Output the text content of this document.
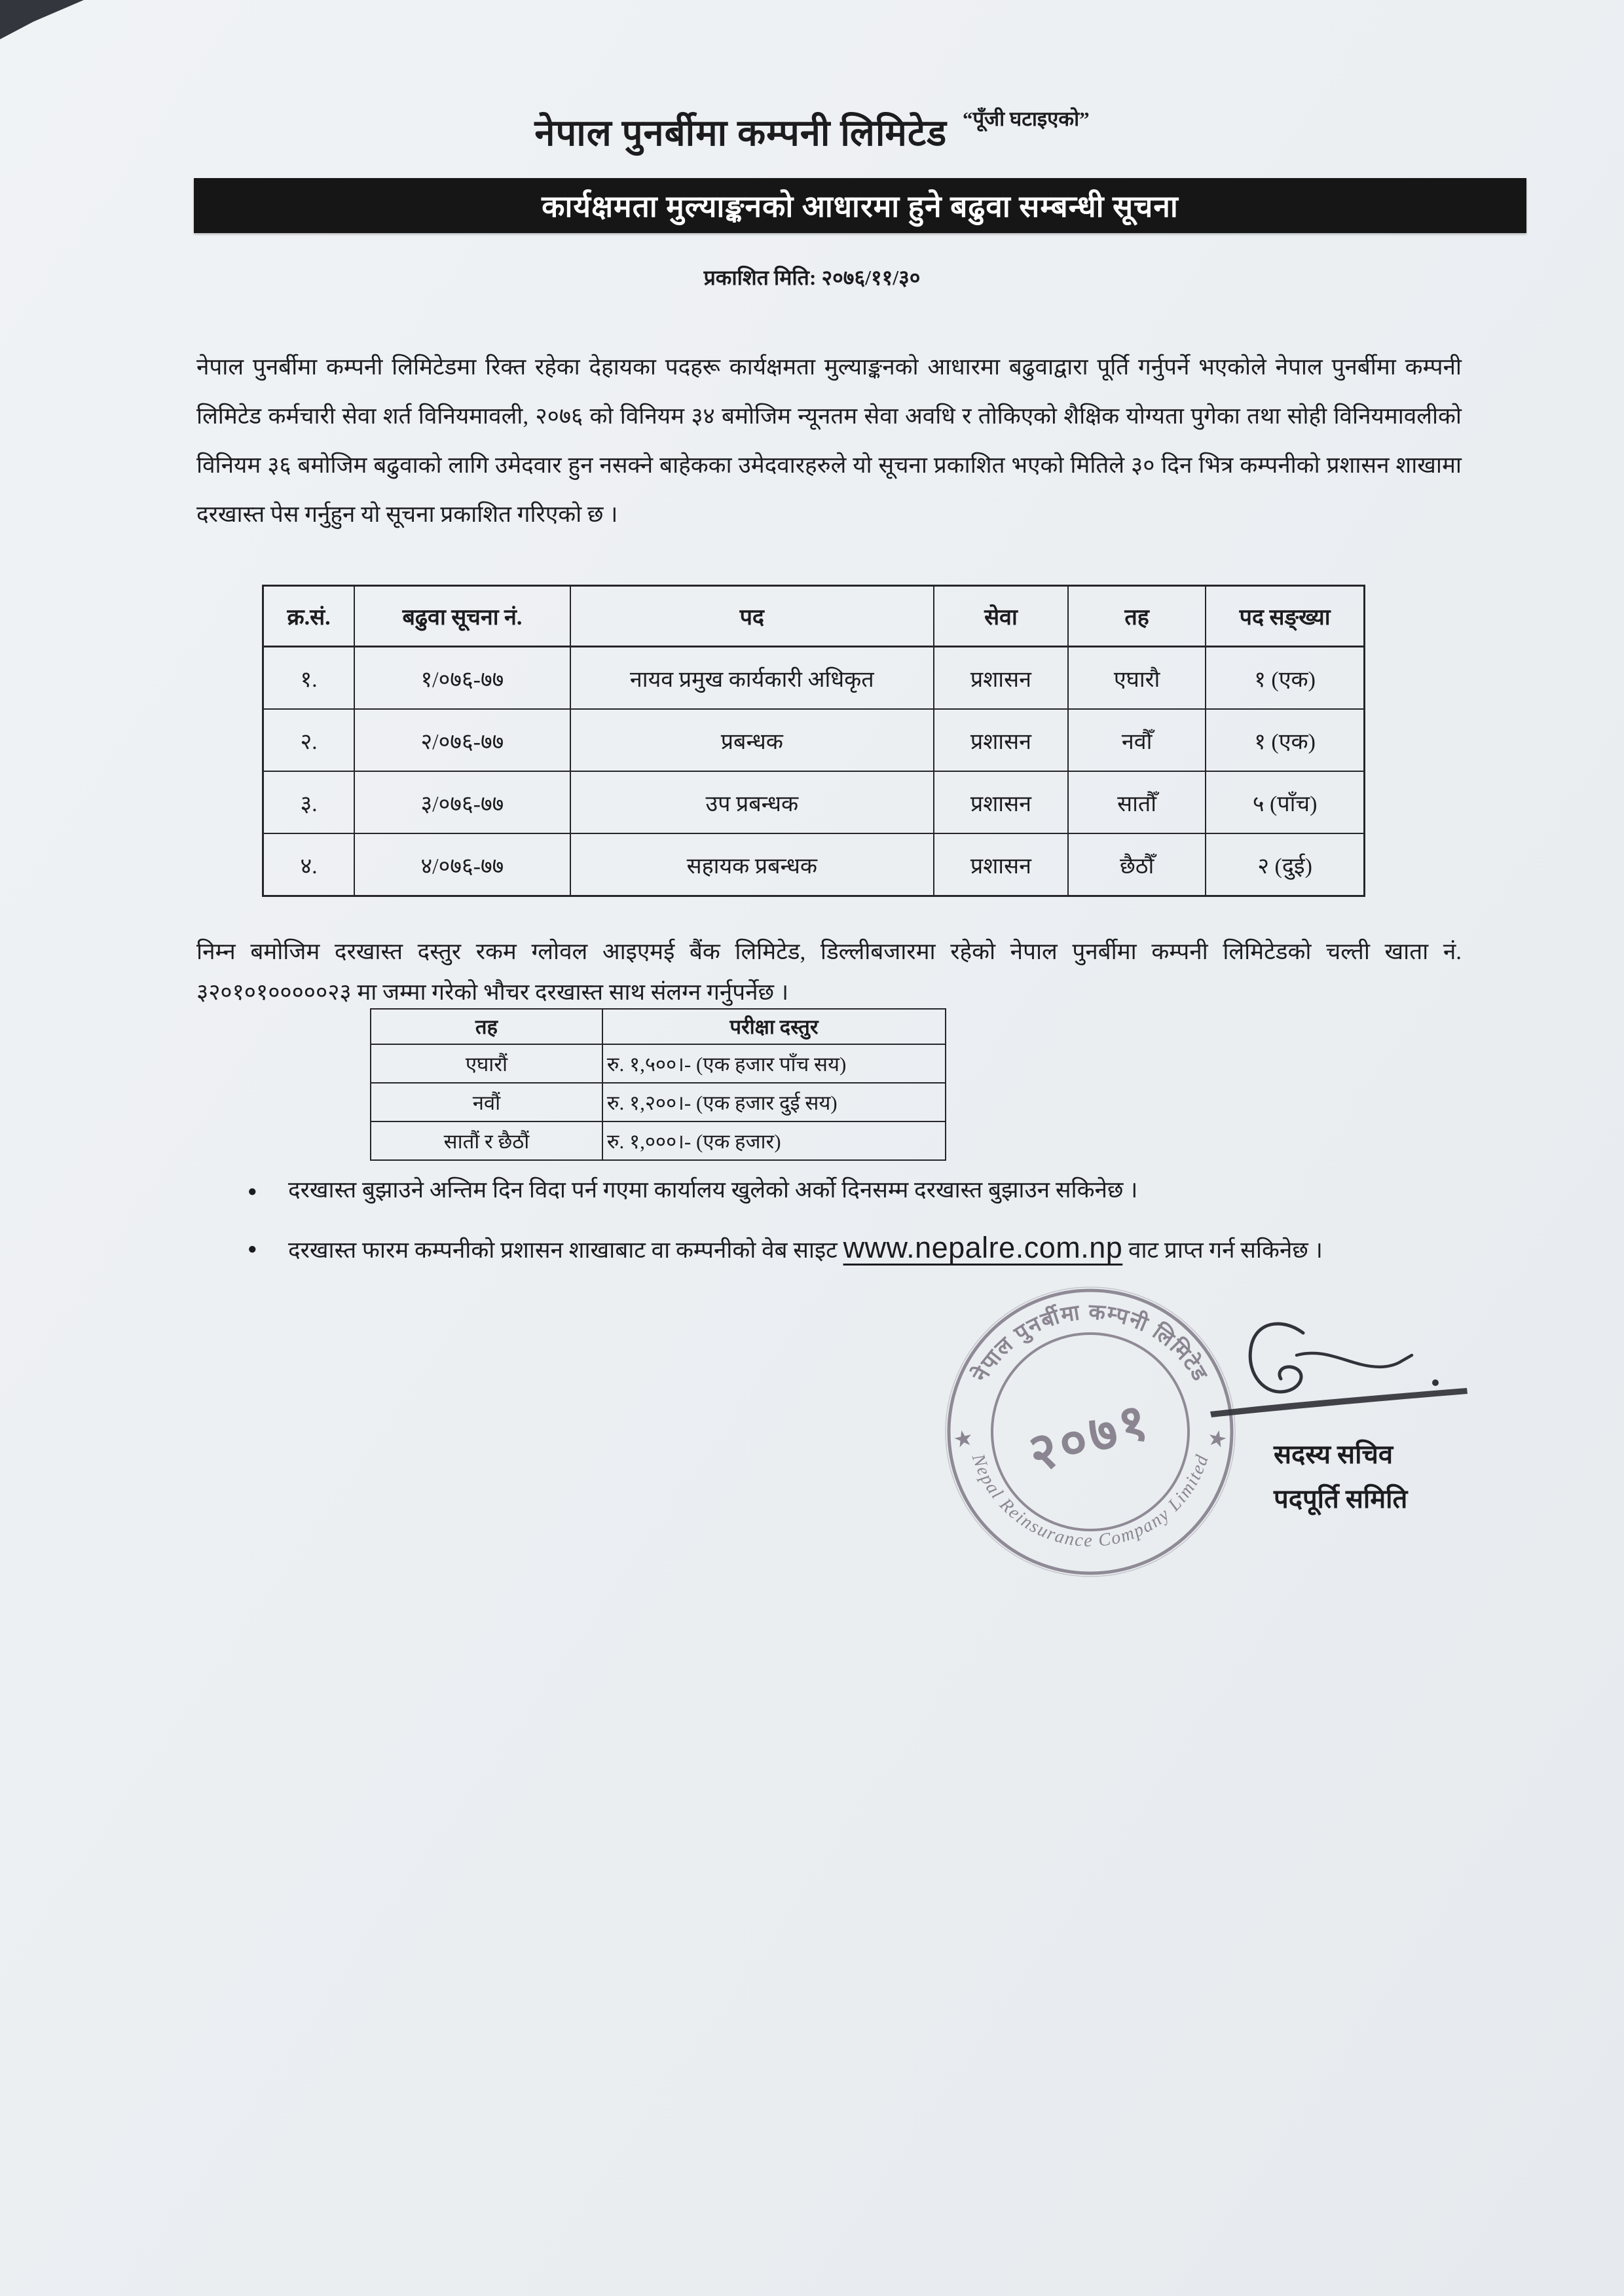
नेपाल पुनर्बीमा कम्पनी लिमिटेड “पूँजी घटाइएको”
कार्यक्षमता मुल्याङ्कनको आधारमा हुने बढुवा सम्बन्धी सूचना
प्रकाशित मिति: २०७६/११/३०

नेपाल पुनर्बीमा कम्पनी लिमिटेडमा रिक्त रहेका देहायका पदहरू कार्यक्षमता मुल्याङ्कनको आधारमा बढुवाद्वारा पूर्ति गर्नुपर्ने भएकोले नेपाल पुनर्बीमा कम्पनी लिमिटेड कर्मचारी सेवा शर्त विनियमावली, २०७६ को विनियम ३४ बमोजिम न्यूनतम सेवा अवधि र तोकिएको शैक्षिक योग्यता पुगेका तथा सोही विनियमावलीको विनियम ३६ बमोजिम बढुवाको लागि उमेदवार हुन नसक्ने बाहेकका उमेदवारहरुले यो सूचना प्रकाशित भएको मितिले ३० दिन भित्र कम्पनीको प्रशासन शाखामा दरखास्त पेस गर्नुहुन यो सूचना प्रकाशित गरिएको छ ।

क्र.सं.	बढुवा सूचना नं.	पद	सेवा	तह	पद सङ्ख्या
१.	१/०७६-७७	नायव प्रमुख कार्यकारी अधिकृत	प्रशासन	एघारौ	१ (एक)
२.	२/०७६-७७	प्रबन्धक	प्रशासन	नवौँ	१ (एक)
३.	३/०७६-७७	उप प्रबन्धक	प्रशासन	सातौँ	५ (पाँच)
४.	४/०७६-७७	सहायक प्रबन्धक	प्रशासन	छैठौँ	२ (दुई)

निम्न बमोजिम दरखास्त दस्तुर रकम ग्लोवल आइएमई बैंक लिमिटेड, डिल्लीबजारमा रहेको नेपाल पुनर्बीमा कम्पनी लिमिटेडको चल्ती खाता नं. ३२०१०१०००००२३ मा जम्मा गरेको भौचर दरखास्त साथ संलग्न गर्नुपर्नेछ ।

तह	परीक्षा दस्तुर
एघारौं	रु. १,५००।- (एक हजार पाँच सय)
नवौं	रु. १,२००।- (एक हजार दुई सय)
सातौं र छैठौं	रु. १,०००।- (एक हजार)
● दरखास्त बुझाउने अन्तिम दिन विदा पर्न गएमा कार्यालय खुलेको अर्को दिनसम्म दरखास्त बुझाउन सकिनेछ ।
● दरखास्त फारम कम्पनीको प्रशासन शाखाबाट वा कम्पनीको वेब साइट www.nepalre.com.np वाट प्राप्त गर्न सकिनेछ ।
नेपाल पुनर्बीमा कम्पनी लिमिटेड
Nepal Reinsurance Company Limited
२०७१
★	★
सदस्य सचिव
पदपूर्ति समिति
